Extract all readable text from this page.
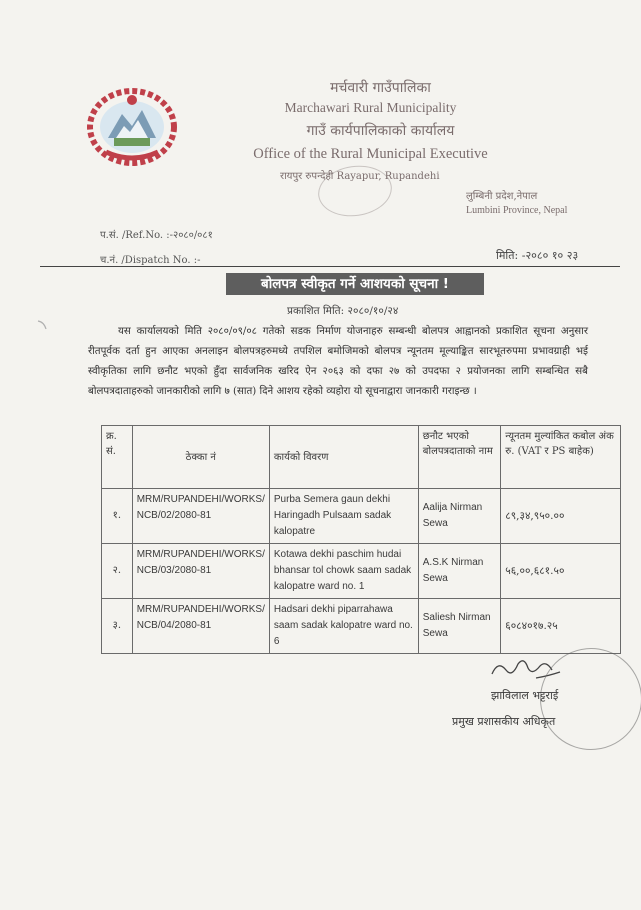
मर्चवारी गाउँपालिका
Marchawari Rural Municipality
गाउँ कार्यपालिकाको कार्यालय
Office of the Rural Municipal Executive
रायपुर रुपन्देही Rayapur, Rupandehi
लुम्बिनी प्रदेश,नेपाल
Lumbini Province, Nepal
प.सं. /Ref.No. :-२०८०/०८१
च.नं. /Dispatch No. :-	मिति: -२०८० १० २३
बोलपत्र स्वीकृत गर्ने आशयको सूचना !
प्रकाशित मिति: २०८०/१०/२४
यस कार्यालयको मिति २०८०/०९/०८ गतेको सडक निर्माण योजनाहरु सम्बन्धी बोलपत्र आह्वानको प्रकाशित सूचना अनुसार रीतपूर्वक दर्ता हुन आएका अनलाइन बोलपत्रहरुमध्ये तपशिल बमोजिमको बोलपत्र न्यूनतम मूल्याङ्कित सारभूतरुपमा प्रभावग्राही भई स्वीकृतिका लागि छनौट भएको हुँदा सार्वजनिक खरिद ऐन २०६३ को दफा २७ को उपदफा २ प्रयोजनका लागि सम्बन्धित सबै बोलपत्रदाताहरुको जानकारीको लागि ७ (सात) दिने आशय रहेको व्यहोरा यो सूचनाद्वारा जानकारी गराइन्छ ।
क्र. सं.	ठेक्का नं	कार्यको विवरण	छनौट भएको बोलपत्रदाताको नाम	न्यूनतम मुल्यांकित कबोल अंक रु. (VAT र PS बाहेक)
१.	MRM/RUPANDEHI/WORKS/ NCB/02/2080-81	Purba Semera gaun dekhi Haringadh Pulsaam sadak kalopatre	Aalija Nirman Sewa	८९,३४,९५०.००
२.	MRM/RUPANDEHI/WORKS/ NCB/03/2080-81	Kotawa dekhi paschim hudai bhansar tol chowk saam sadak kalopatre ward no. 1	A.S.K Nirman Sewa	५६,००,६८१.५०
३.	MRM/RUPANDEHI/WORKS/ NCB/04/2080-81	Hadsari dekhi piparrahawa saam sadak kalopatre ward no. 6	Saliesh Nirman Sewa	६०८४०१७.२५
झाविलाल भट्टराई
प्रमुख प्रशासकीय अधिकृत
